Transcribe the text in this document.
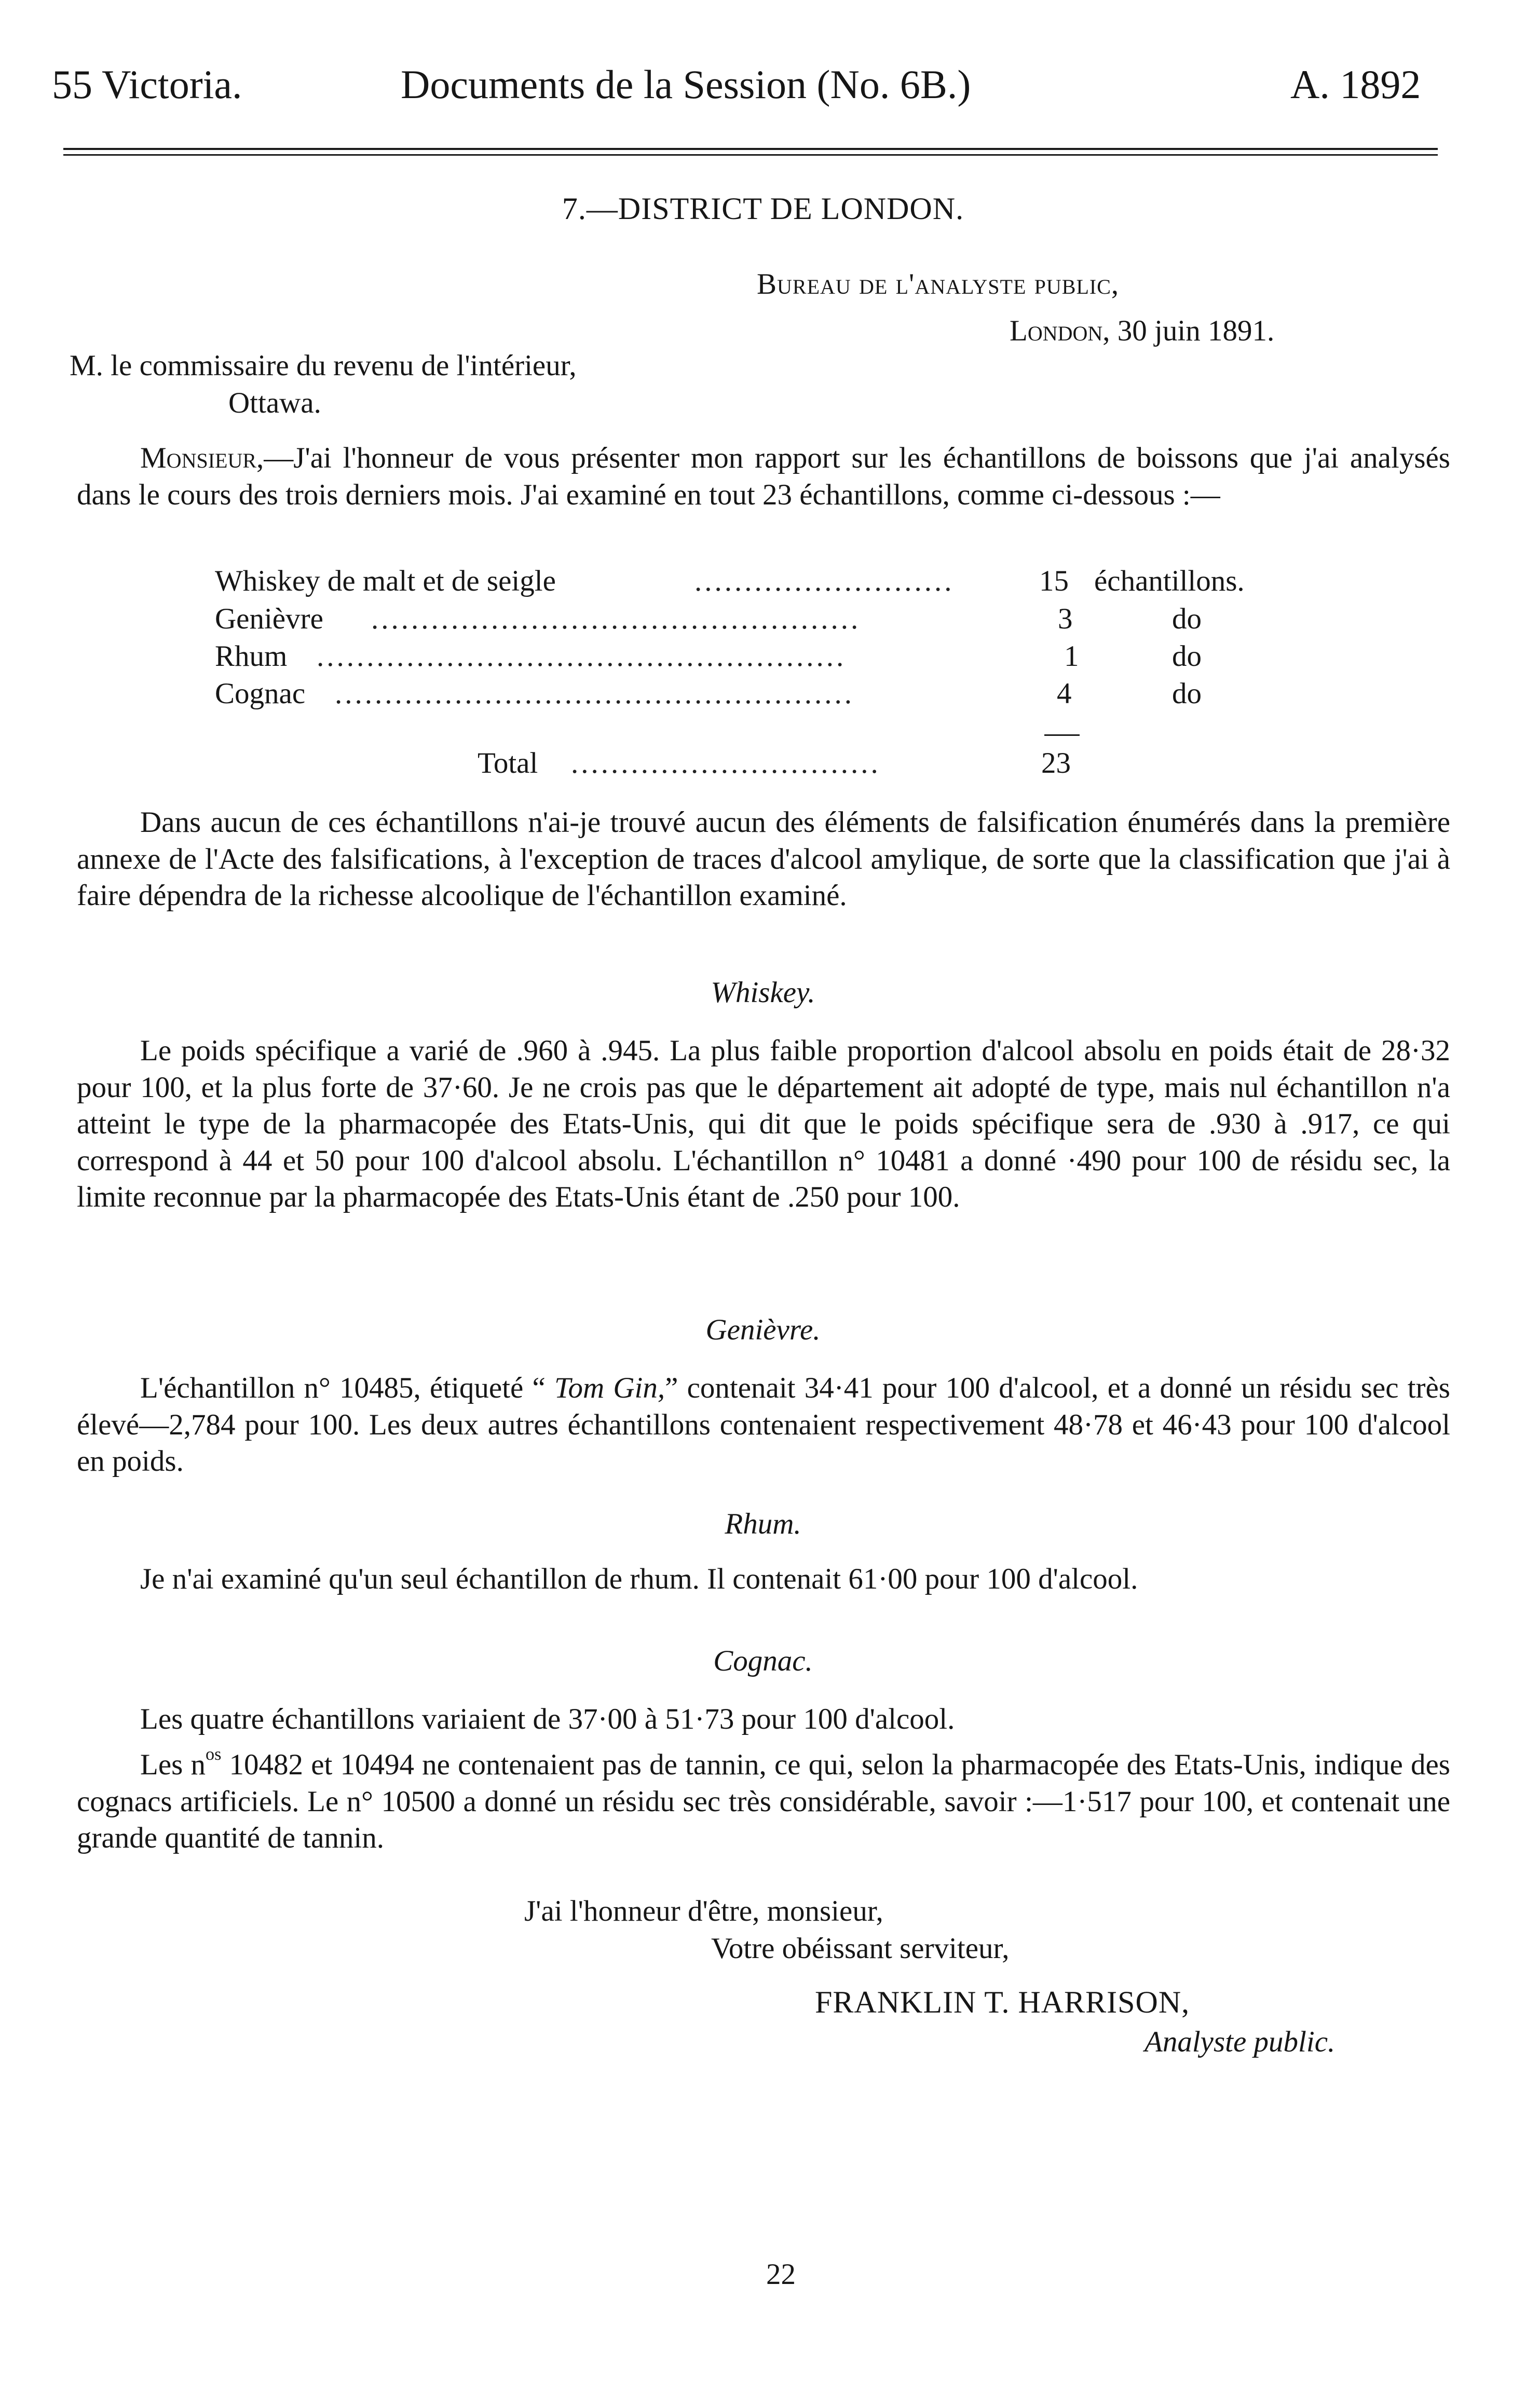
55 Victoria.	Documents de la Session (No. 6B.)	A. 1892
7.—DISTRICT DE LONDON.
Bureau de l'analyste public,
London, 30 juin 1891.
M. le commissaire du revenu de l'intérieur,
Ottawa.
Monsieur,—J'ai l'honneur de vous présenter mon rapport sur les échantillons de boissons que j'ai analysés dans le cours des trois derniers mois. J'ai examiné en tout 23 échantillons, comme ci-dessous :—
Whiskey de malt et de seigle	..........................	15 échantillons.
Genièvre .................................................	3	do
Rhum .....................................................	1	do
Cognac ....................................................	4	do
Total ...............................	23
Dans aucun de ces échantillons n'ai-je trouvé aucun des éléments de falsification énumérés dans la première annexe de l'Acte des falsifications, à l'exception de traces d'alcool amylique, de sorte que la classification que j'ai à faire dépendra de la richesse alcoolique de l'échantillon examiné.
Whiskey.
Le poids spécifique a varié de .960 à .945. La plus faible proportion d'alcool absolu en poids était de 28·32 pour 100, et la plus forte de 37·60. Je ne crois pas que le département ait adopté de type, mais nul échantillon n'a atteint le type de la pharmacopée des Etats-Unis, qui dit que le poids spécifique sera de .930 à .917, ce qui correspond à 44 et 50 pour 100 d'alcool absolu. L'échantillon n° 10481 a donné ·490 pour 100 de résidu sec, la limite reconnue par la pharmacopée des Etats-Unis étant de .250 pour 100.
Genièvre.
L'échantillon n° 10485, étiqueté “ Tom Gin,” contenait 34·41 pour 100 d'alcool, et a donné un résidu sec très élevé—2,784 pour 100. Les deux autres échantillons contenaient respectivement 48·78 et 46·43 pour 100 d'alcool en poids.
Rhum.
Je n'ai examiné qu'un seul échantillon de rhum. Il contenait 61·00 pour 100 d'alcool.
Cognac.
Les quatre échantillons variaient de 37·00 à 51·73 pour 100 d'alcool.
Les $n^{os}$ 10482 et 10494 ne contenaient pas de tannin, ce qui, selon la pharmacopée des Etats-Unis, indique des cognacs artificiels. Le n° 10500 a donné un résidu sec très considérable, savoir :—1·517 pour 100, et contenait une grande quantité de tannin.
J'ai l'honneur d'être, monsieur,
Votre obéissant serviteur,
FRANKLIN T. HARRISON,
Analyste public.
22
